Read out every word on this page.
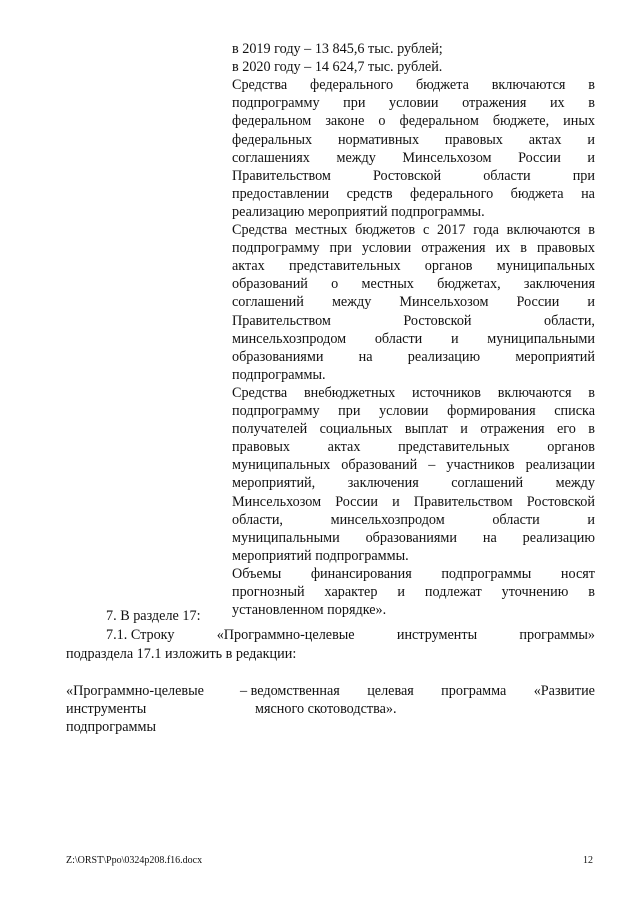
в 2019 году – 13 845,6 тыс. рублей;
в 2020 году – 14 624,7 тыс. рублей.
Средства федерального бюджета включаются в
подпрограмму при условии отражения их в
федеральном законе о федеральном бюджете, иных
федеральных нормативных правовых актах и
соглашениях между Минсельхозом России и
Правительством	Ростовской	области	при
предоставлении средств федерального бюджета на
реализацию мероприятий подпрограммы.
Средства местных бюджетов с 2017 года включаются в
подпрограмму при условии отражения их в правовых
актах представительных органов муниципальных
образований о местных бюджетах, заключения
соглашений между Минсельхозом России и
Правительством	Ростовской	области,
минсельхозпродом области и муниципальными
образованиями на реализацию мероприятий
подпрограммы.
Средства внебюджетных источников включаются в
подпрограмму при условии формирования списка
получателей социальных выплат и отражения его в
правовых	актах	представительных	органов
муниципальных образований – участников реализации
мероприятий, заключения соглашений между
Минсельхозом России и Правительством Ростовской
области,	минсельхозпродом	области	и
муниципальными образованиями на реализацию
мероприятий подпрограммы.
Объемы финансирования подпрограммы носят
прогнозный характер и подлежат уточнению в
установленном порядке».
7. В разделе 17:
7.1. Строку	«Программно-целевые	инструменты	программы»
подраздела 17.1 изложить в редакции:
«Программно-целевые
инструменты
подпрограммы
– ведомственная целевая программа «Развитие
мясного скотоводства».
Z:\ORST\Ppo\0324p208.f16.docx	12
